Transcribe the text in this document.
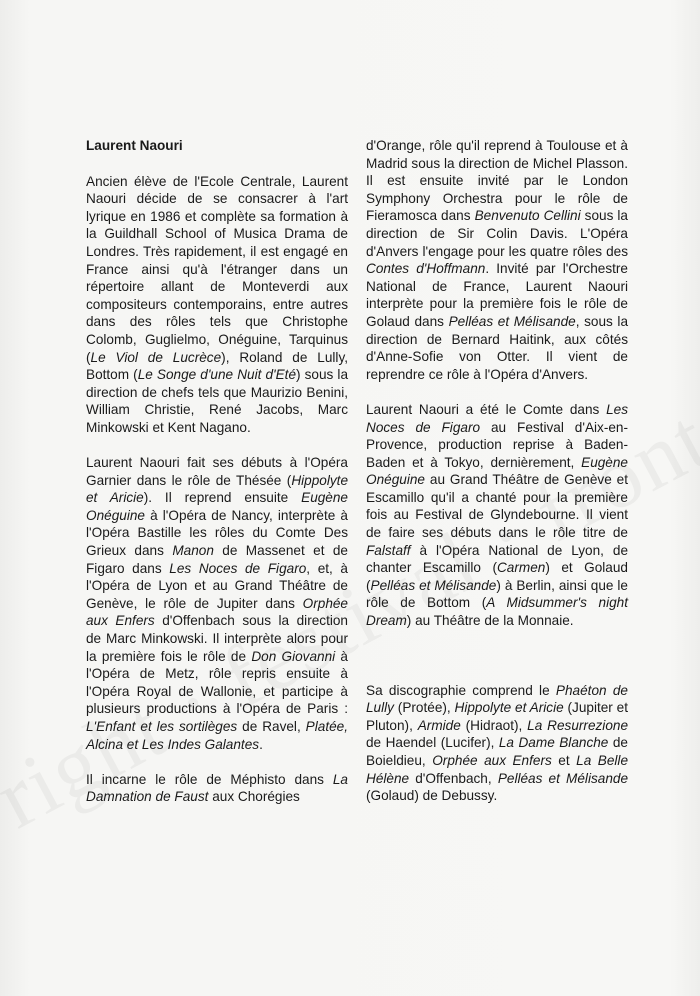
Laurent Naouri

Ancien élève de l'Ecole Centrale, Laurent Naouri décide de se consacrer à l'art lyrique en 1986 et complète sa formation à la Guildhall School of Musica Drama de Londres. Très rapidement, il est engagé en France ainsi qu'à l'étranger dans un répertoire allant de Monteverdi aux compositeurs contemporains, entre autres dans des rôles tels que Christophe Colomb, Guglielmo, Onéguine, Tarquinus (Le Viol de Lucrèce), Roland de Lully, Bottom (Le Songe d'une Nuit d'Eté) sous la direction de chefs tels que Maurizio Benini, William Christie, René Jacobs, Marc Minkowski et Kent Nagano.

Laurent Naouri fait ses débuts à l'Opéra Garnier dans le rôle de Thésée (Hippolyte et Aricie). Il reprend ensuite Eugène Onéguine à l'Opéra de Nancy, interprète à l'Opéra Bastille les rôles du Comte Des Grieux dans Manon de Massenet et de Figaro dans Les Noces de Figaro, et, à l'Opéra de Lyon et au Grand Théâtre de Genève, le rôle de Jupiter dans Orphée aux Enfers d'Offenbach sous la direction de Marc Minkowski. Il interprète alors pour la première fois le rôle de Don Giovanni à l'Opéra de Metz, rôle repris ensuite à l'Opéra Royal de Wallonie, et participe à plusieurs productions à l'Opéra de Paris : L'Enfant et les sortilèges de Ravel, Platée, Alcina et Les Indes Galantes.

Il incarne le rôle de Méphisto dans La Damnation de Faust aux Chorégies

d'Orange, rôle qu'il reprend à Toulouse et à Madrid sous la direction de Michel Plasson. Il est ensuite invité par le London Symphony Orchestra pour le rôle de Fieramosca dans Benvenuto Cellini sous la direction de Sir Colin Davis. L'Opéra d'Anvers l'engage pour les quatre rôles des Contes d'Hoffmann. Invité par l'Orchestre National de France, Laurent Naouri interprète pour la première fois le rôle de Golaud dans Pelléas et Mélisande, sous la direction de Bernard Haitink, aux côtés d'Anne-Sofie von Otter. Il vient de reprendre ce rôle à l'Opéra d'Anvers.

Laurent Naouri a été le Comte dans Les Noces de Figaro au Festival d'Aix-en-Provence, production reprise à Baden-Baden et à Tokyo, dernièrement, Eugène Onéguine au Grand Théâtre de Genève et Escamillo qu'il a chanté pour la première fois au Festival de Glyndebourne. Il vient de faire ses débuts dans le rôle titre de Falstaff à l'Opéra National de Lyon, de chanter Escamillo (Carmen) et Golaud (Pelléas et Mélisande) à Berlin, ainsi que le rôle de Bottom (A Midsummer's night Dream) au Théâtre de la Monnaie.

Sa discographie comprend le Phaéton de Lully (Protée), Hippolyte et Aricie (Jupiter et Pluton), Armide (Hidraot), La Resurrezione de Haendel (Lucifer), La Dame Blanche de Boieldieu, Orphée aux Enfers et La Belle Hélène d'Offenbach, Pelléas et Mélisande (Golaud) de Debussy.
